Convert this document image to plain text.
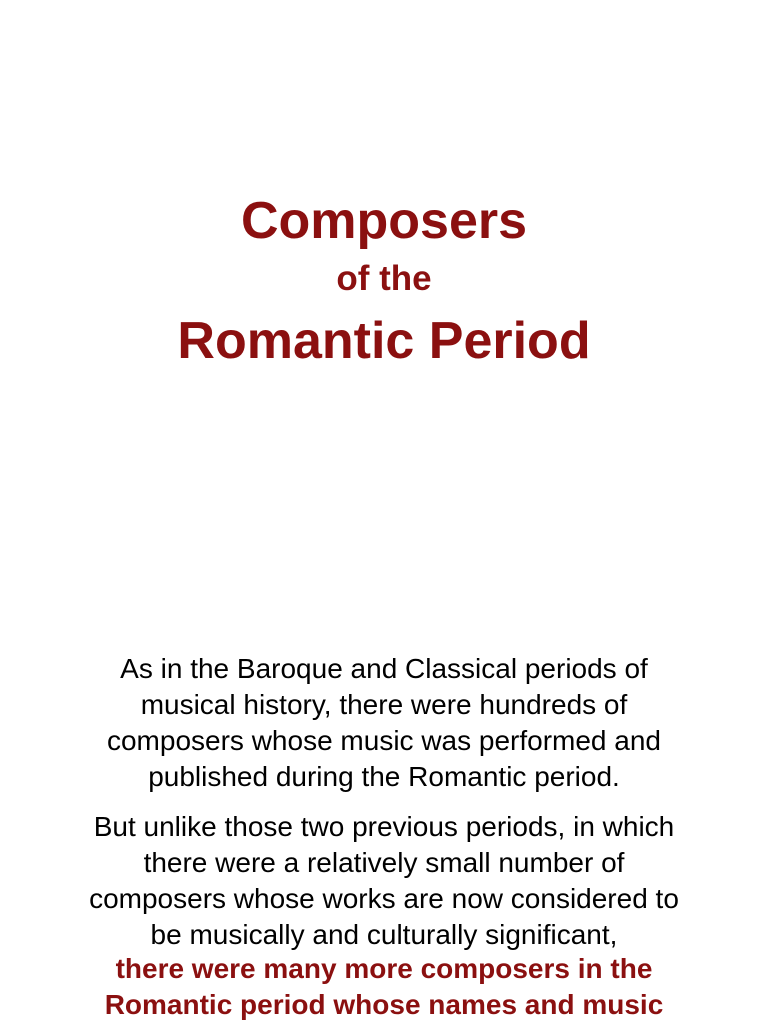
Composers
of the
Romantic Period
As in the Baroque and Classical periods of
musical history, there were hundreds of
composers whose music was performed and
published during the Romantic period.
But unlike those two previous periods, in which
there were a relatively small number of
composers whose works are now considered to
be musically and culturally significant,
there were many more composers in the
Romantic period whose names and music
